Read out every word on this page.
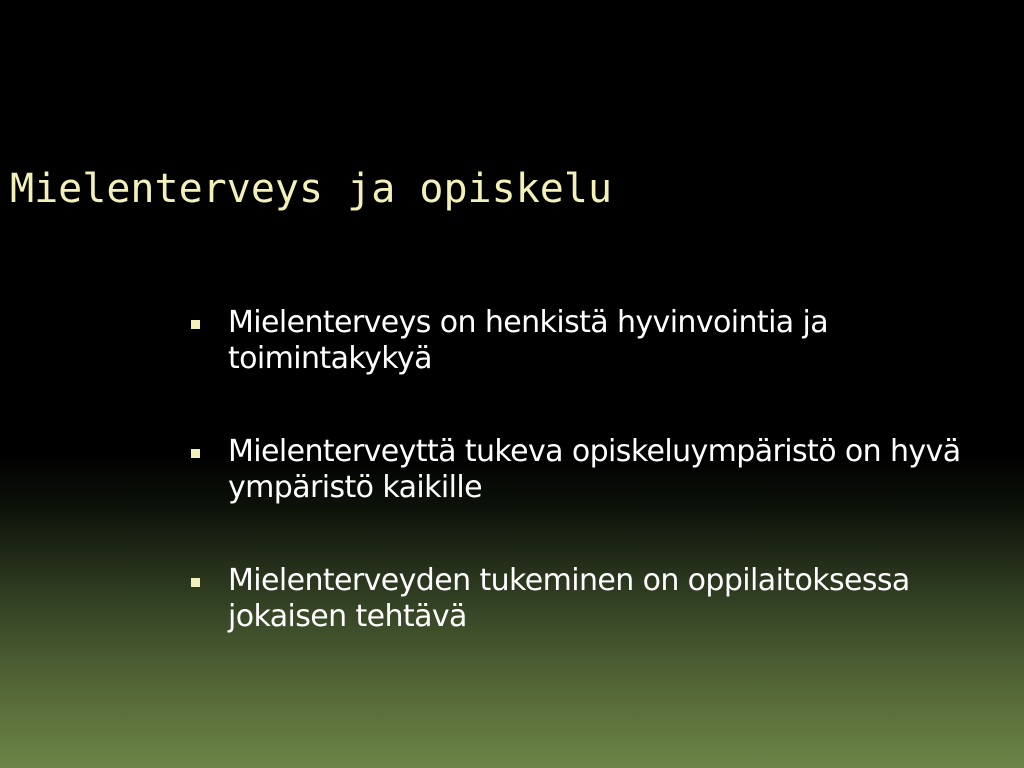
Mielenterveys ja opiskelu
Mielenterveys on henkistä hyvinvointia ja toimintakykyä
Mielenterveyttä tukeva opiskeluympäristö on hyvä ympäristö kaikille
Mielenterveyden tukeminen on oppilaitoksessa jokaisen tehtävä
